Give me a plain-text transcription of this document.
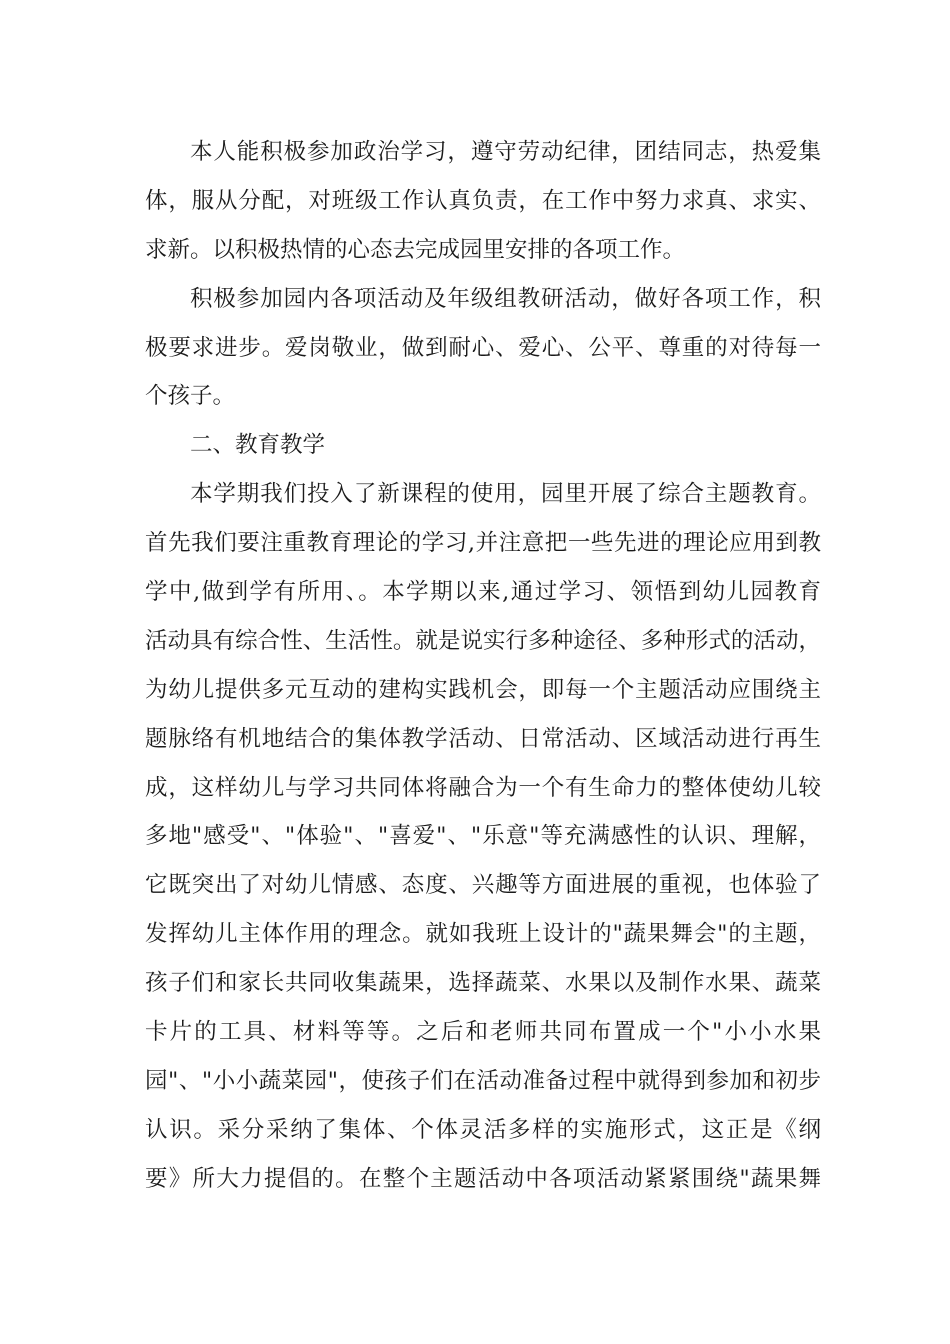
本人能积极参加政治学习，遵守劳动纪律，团结同志，热爱集
体，服从分配，对班级工作认真负责，在工作中努力求真、求实、
求新。以积极热情的心态去完成园里安排的各项工作。
积极参加园内各项活动及年级组教研活动，做好各项工作，积
极要求进步。爱岗敬业，做到耐心、爱心、公平、尊重的对待每一
个孩子。
二、教育教学
本学期我们投入了新课程的使用，园里开展了综合主题教育。
首先我们要注重教育理论的学习,并注意把一些先进的理论应用到教
学中,做到学有所用、。本学期以来,通过学习、领悟到幼儿园教育
活动具有综合性、生活性。就是说实行多种途径、多种形式的活动，
为幼儿提供多元互动的建构实践机会，即每一个主题活动应围绕主
题脉络有机地结合的集体教学活动、日常活动、区域活动进行再生
成，这样幼儿与学习共同体将融合为一个有生命力的整体使幼儿较
多地"感受"、"体验"、"喜爱"、"乐意"等充满感性的认识、理解，
它既突出了对幼儿情感、态度、兴趣等方面进展的重视，也体验了
发挥幼儿主体作用的理念。就如我班上设计的"蔬果舞会"的主题，
孩子们和家长共同收集蔬果，选择蔬菜、水果以及制作水果、蔬菜
卡片的工具、材料等等。之后和老师共同布置成一个"小小水果
园"、"小小蔬菜园"，使孩子们在活动准备过程中就得到参加和初步
认识。采分采纳了集体、个体灵活多样的实施形式，这正是《纲
要》所大力提倡的。在整个主题活动中各项活动紧紧围绕"蔬果舞
